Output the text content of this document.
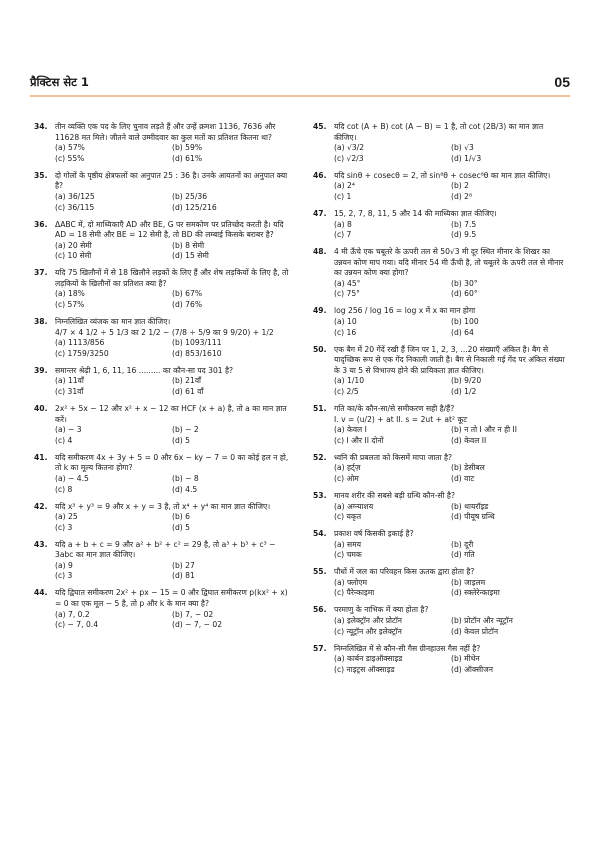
प्रैक्टिस सेट 1	05
34. तीन व्यक्ति एक पद के लिए चुनाव लड़ते हैं और उन्हें क्रमशः 1136, 7636 और 11628 मत मिले। जीतने वाले उम्मीदवार का कुल मतों का प्रतिशत कितना था?
(a) 57%	(b) 59%
(c) 55%	(d) 61%
35. दो गोलों के पृष्ठीय क्षेत्रफलों का अनुपात 25 : 36 है। उनके आयतनों का अनुपात क्या है?
(a) 36/125	(b) 25/36
(c) 36/115	(d) 125/216
36. ΔABC में, दो माध्यिकाएँ AD और BE, G पर समकोण पर प्रतिच्छेद करती है। यदि AD = 18 सेमी और BE = 12 सेमी है, तो BD की लम्बाई किसके बराबर है?
(a) 20 सेमी	(b) 8 सेमी
(c) 10 सेमी	(d) 15 सेमी
37. यदि 75 खिलौनों में से 18 खिलौने लड़कों के लिए हैं और शेष लड़कियों के लिए है, तो लड़कियों के खिलौनों का प्रतिशत क्या है?
(a) 18%	(b) 67%
(c) 57%	(d) 76%
38. निम्नलिखित व्यंजक का मान ज्ञात कीजिए।
4/7 × 4 1/2 ÷ 5 1/3 का 2 1/2 − (7/8 ÷ 5/9 का 9 9/20) + 1/2
(a) 1113/856	(b) 1093/111
(c) 1759/3250	(d) 853/1610
39. समान्तर श्रेढ़ी 1, 6, 11, 16 ......... का कौन-सा पद 301 है?
(a) 11वाँ	(b) 21वाँ
(c) 31वाँ	(d) 61 वाँ
40. 2x² + 5x − 12 और x² + x − 12 का HCF (x + a) है, तो a का मान ज्ञात करें।
(a) − 3	(b) − 2
(c) 4	(d) 5
41. यदि समीकरण 4x + 3y + 5 = 0 और 6x − ky − 7 = 0 का कोई हल न हो, तो k का मूल्य कितना होगा?
(a) − 4.5	(b) − 8
(c) 8	(d) 4.5
42. यदि x³ + y³ = 9 और x + y = 3 है, तो x⁴ + y⁴ का मान ज्ञात कीजिए।
(a) 25	(b) 6
(c) 3	(d) 5
43. यदि a + b + c = 9 और a² + b² + c² = 29 है, तो a³ + b³ + c³ − 3abc का मान ज्ञात कीजिए।
(a) 9	(b) 27
(c) 3	(d) 81
44. यदि द्विघात समीकरण 2x² + px − 15 = 0 और द्विघात समीकरण p(kx² + x) = 0 का एक मूल − 5 है, तो p और k के मान क्या है?
(a) 7, 0.2	(b) 7, − 02
(c) − 7, 0.4	(d) − 7, − 02
45. यदि cot (A + B) cot (A − B) = 1 है, तो cot (2B/3) का मान ज्ञात कीजिए।
(a) √3/2	(b) √3
(c) √2/3	(d) 1/√3
46. यदि sinθ + cosecθ = 2, तो sin⁸θ + cosec⁸θ का मान ज्ञात कीजिए।
(a) 2⁴	(b) 2
(c) 1	(d) 2⁸
47. 15, 2, 7, 8, 11, 5 और 14 की माध्यिका ज्ञात कीजिए।
(a) 8	(b) 7.5
(c) 7	(d) 9.5
48. 4 मी ऊँचे एक चबूतरे के ऊपरी तल से 50√3 मी दूर स्थित मीनार के शिखर का उन्नयन कोण माप गया। यदि मीनार 54 मी ऊँची है, तो चबूतरे के ऊपरी तल से मीनार का उन्नयन कोण क्या होगा?
(a) 45°	(b) 30°
(c) 75°	(d) 60°
49. log 256 / log 16 = log x में x का मान होगा
(a) 10	(b) 100
(c) 16	(d) 64
50. एक बैग में 20 गेंदें रखी हैं जिन पर 1, 2, 3, ...20 संख्याएँ अंकित है। बैग से यादृच्छिक रूप से एक गेंद निकाली जाती है। बैग से निकाली गई गेंद पर अंकित संख्या के 3 या 5 से विभाज्य होने की प्रायिकता ज्ञात कीजिए।
(a) 1/10	(b) 9/20
(c) 2/5	(d) 1/2
51. गति का/के कौन-सा/से समीकरण सही है/हैं?
I. v = (u/2) + at II. s = 2ut + at² कूट
(a) केवल I	(b) न तो I और न ही II
(c) I और II दोनों	(d) केवल II
52. ध्वनि की प्रबलता को किसमें मापा जाता है?
(a) हर्ट्ज़	(b) डेसीबल
(c) ओम	(d) वाट
53. मानव शरीर की सबसे बड़ी ग्रन्थि कौन-सी है?
(a) अग्न्याशय	(b) थायरॉइड
(c) यकृत	(d) पीयूष ग्रन्थि
54. प्रकाश वर्ष किसकी इकाई है?
(a) समय	(b) दूरी
(c) चमक	(d) गति
55. पौधों में जल का परिवहन किस ऊतक द्वारा होता है?
(a) फ्लोएम	(b) जाइलम
(c) पैरेन्काइमा	(d) स्क्लेरेन्काइमा
56. परमाणु के नाभिक में क्या होता है?
(a) इलेक्ट्रॉन और प्रोटॉन	(b) प्रोटॉन और न्यूट्रॉन
(c) न्यूट्रॉन और इलेक्ट्रॉन	(d) केवल प्रोटॉन
57. निम्नलिखित में से कौन-सी गैस ग्रीनहाउस गैस नहीं है?
(a) कार्बन डाइऑक्साइड	(b) मीथेन
(c) नाइट्रस ऑक्साइड	(d) ऑक्सीजन
